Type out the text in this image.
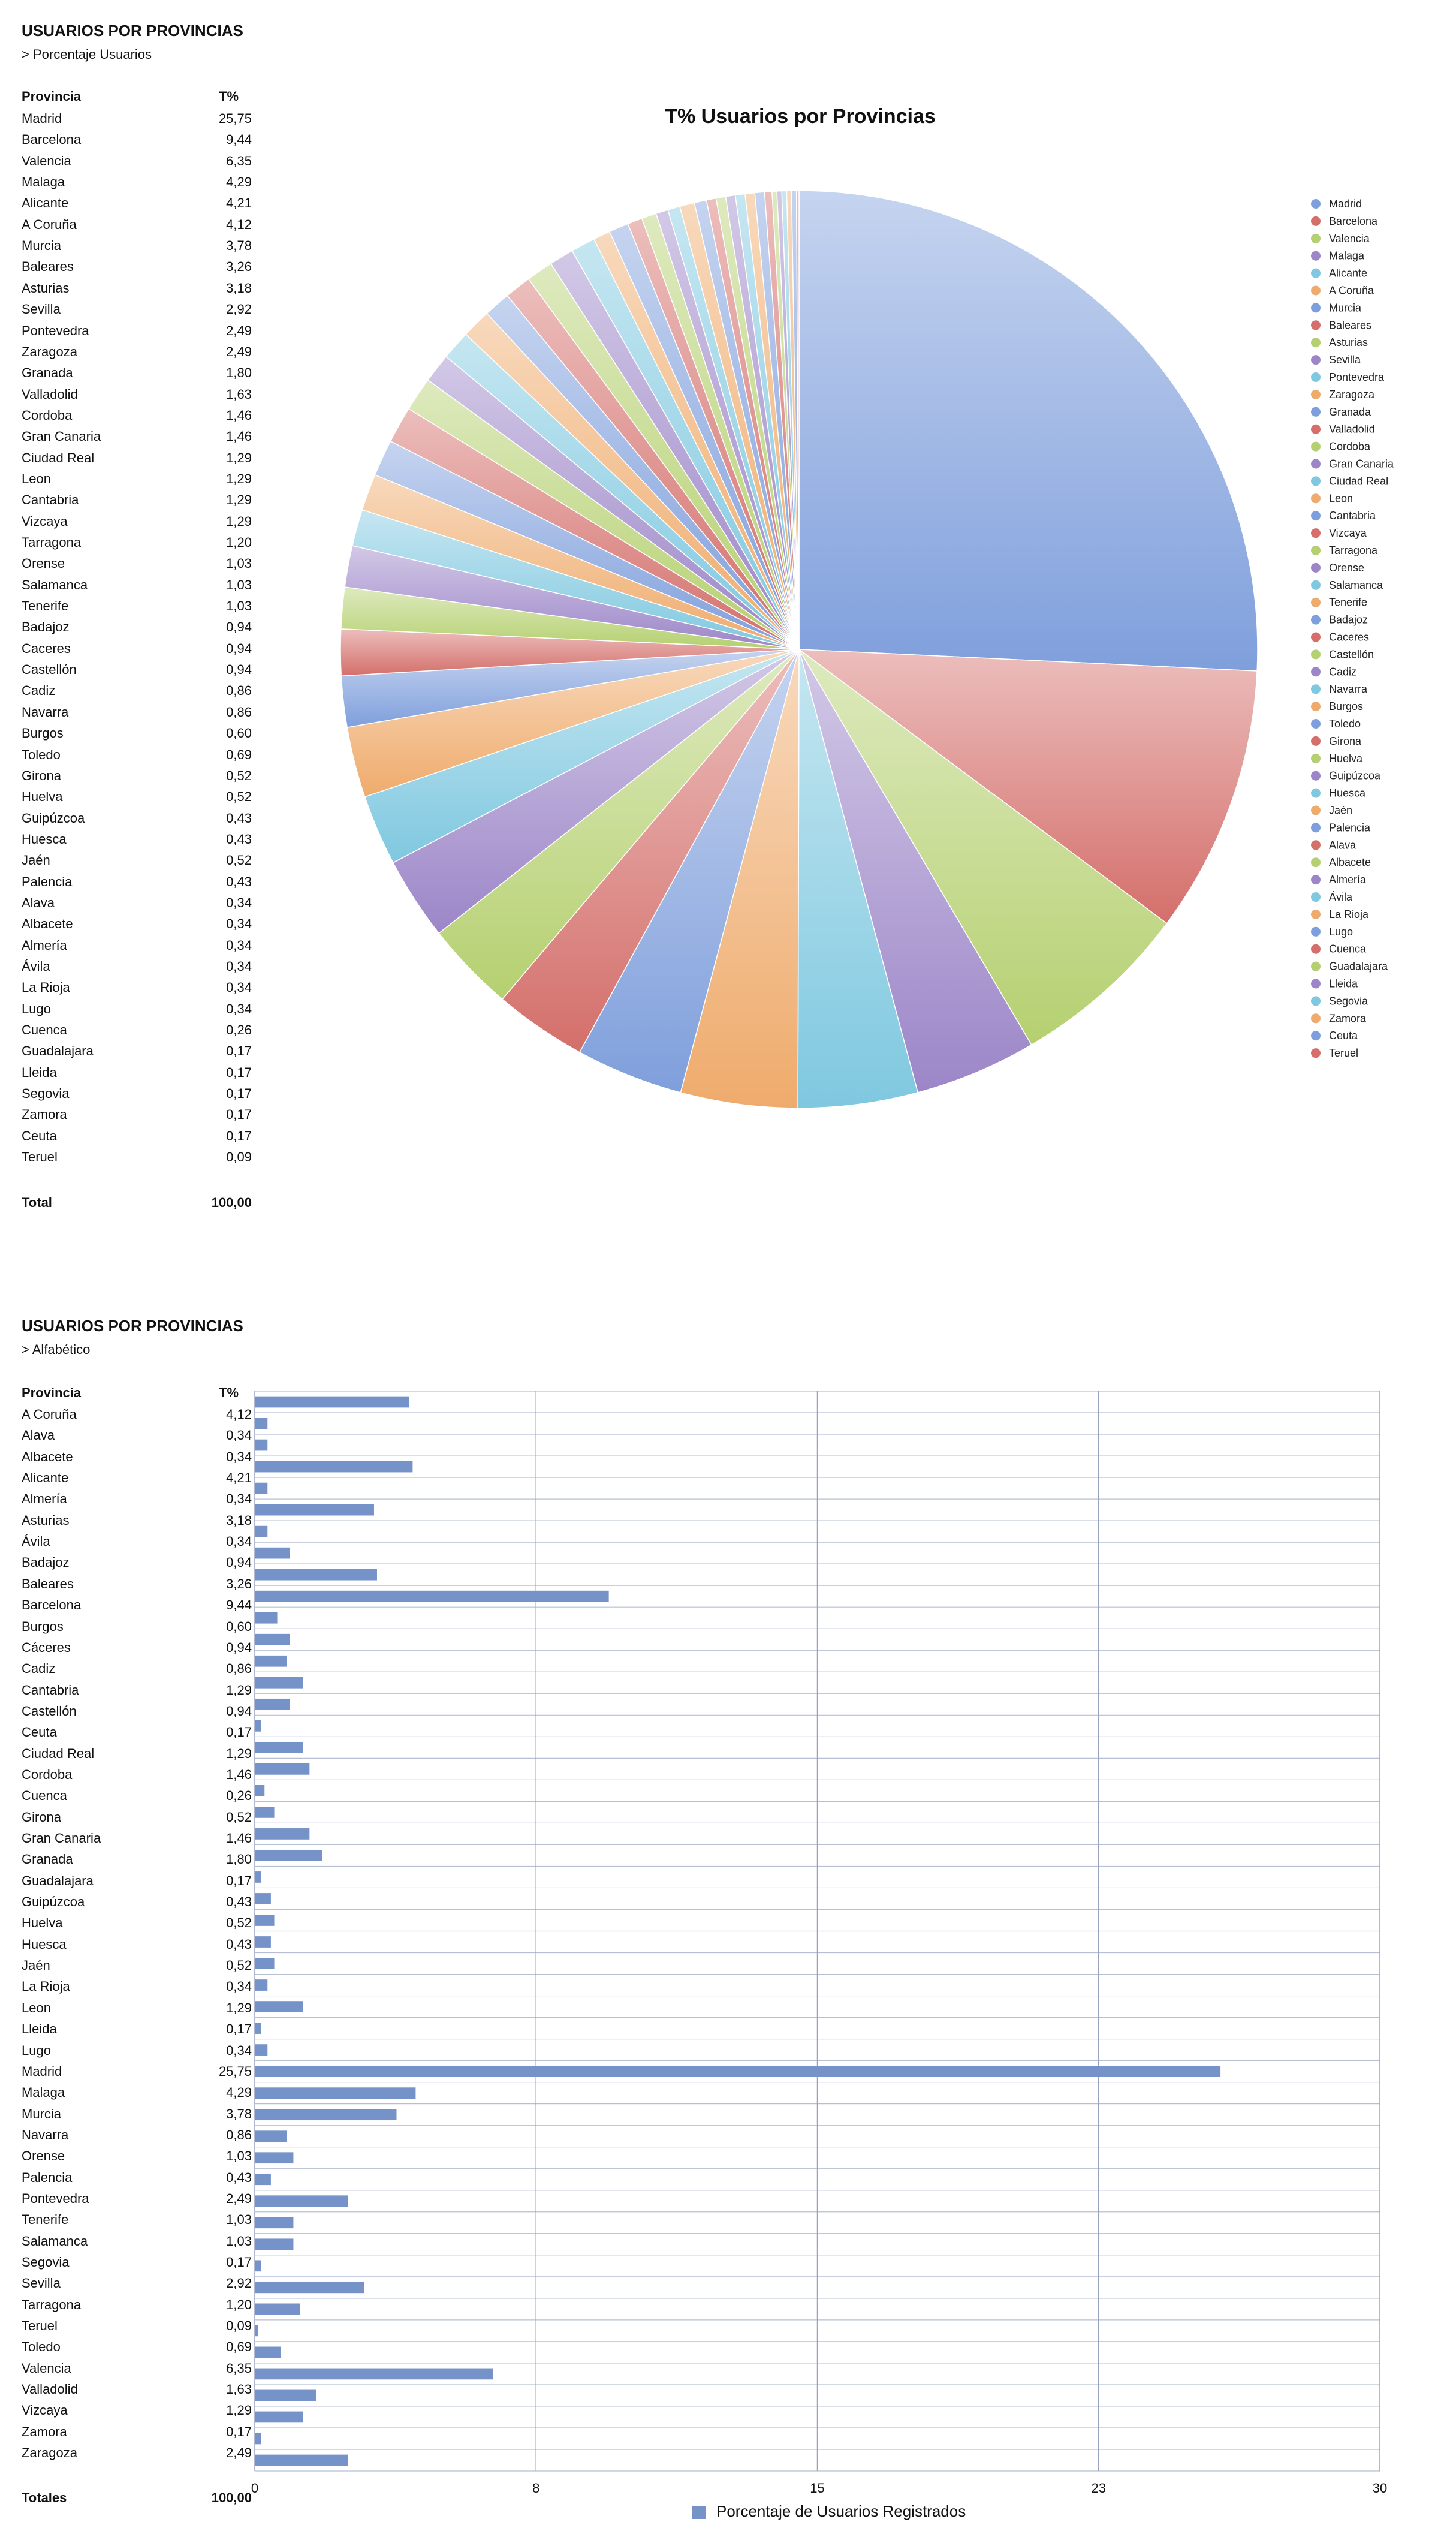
USUARIOS POR PROVINCIAS
> Porcentaje Usuarios
Provincia	T%
Madrid	25,75
Barcelona	9,44
Valencia	6,35
Malaga	4,29
Alicante	4,21
A Coruña	4,12
Murcia	3,78
Baleares	3,26
Asturias	3,18
Sevilla	2,92
Pontevedra	2,49
Zaragoza	2,49
Granada	1,80
Valladolid	1,63
Cordoba	1,46
Gran Canaria	1,46
Ciudad Real	1,29
Leon	1,29
Cantabria	1,29
Vizcaya	1,29
Tarragona	1,20
Orense	1,03
Salamanca	1,03
Tenerife	1,03
Badajoz	0,94
Caceres	0,94
Castellón	0,94
Cadiz	0,86
Navarra	0,86
Burgos	0,60
Toledo	0,69
Girona	0,52
Huelva	0,52
Guipúzcoa	0,43
Huesca	0,43
Jaén	0,52
Palencia	0,43
Alava	0,34
Albacete	0,34
Almería	0,34
Ávila	0,34
La Rioja	0,34
Lugo	0,34
Cuenca	0,26
Guadalajara	0,17
Lleida	0,17
Segovia	0,17
Zamora	0,17
Ceuta	0,17
Teruel	0,09
Total	100,00
T% Usuarios por Provincias
Madrid
Barcelona
Valencia
Malaga
Alicante
A Coruña
Murcia
Baleares
Asturias
Sevilla
Pontevedra
Zaragoza
Granada
Valladolid
Cordoba
Gran Canaria
Ciudad Real
Leon
Cantabria
Vizcaya
Tarragona
Orense
Salamanca
Tenerife
Badajoz
Caceres
Castellón
Cadiz
Navarra
Burgos
Toledo
Girona
Huelva
Guipúzcoa
Huesca
Jaén
Palencia
Alava
Albacete
Almería
Ávila
La Rioja
Lugo
Cuenca
Guadalajara
Lleida
Segovia
Zamora
Ceuta
Teruel
USUARIOS POR PROVINCIAS
> Alfabético
Provincia	T%
A Coruña	4,12
Alava	0,34
Albacete	0,34
Alicante	4,21
Almería	0,34
Asturias	3,18
Ávila	0,34
Badajoz	0,94
Baleares	3,26
Barcelona	9,44
Burgos	0,60
Cáceres	0,94
Cadiz	0,86
Cantabria	1,29
Castellón	0,94
Ceuta	0,17
Ciudad Real	1,29
Cordoba	1,46
Cuenca	0,26
Girona	0,52
Gran Canaria	1,46
Granada	1,80
Guadalajara	0,17
Guipúzcoa	0,43
Huelva	0,52
Huesca	0,43
Jaén	0,52
La Rioja	0,34
Leon	1,29
Lleida	0,17
Lugo	0,34
Madrid	25,75
Malaga	4,29
Murcia	3,78
Navarra	0,86
Orense	1,03
Palencia	0,43
Pontevedra	2,49
Tenerife	1,03
Salamanca	1,03
Segovia	0,17
Sevilla	2,92
Tarragona	1,20
Teruel	0,09
Toledo	0,69
Valencia	6,35
Valladolid	1,63
Vizcaya	1,29
Zamora	0,17
Zaragoza	2,49
Totales	100,00
0	8	15	23	30
Porcentaje de Usuarios Registrados
